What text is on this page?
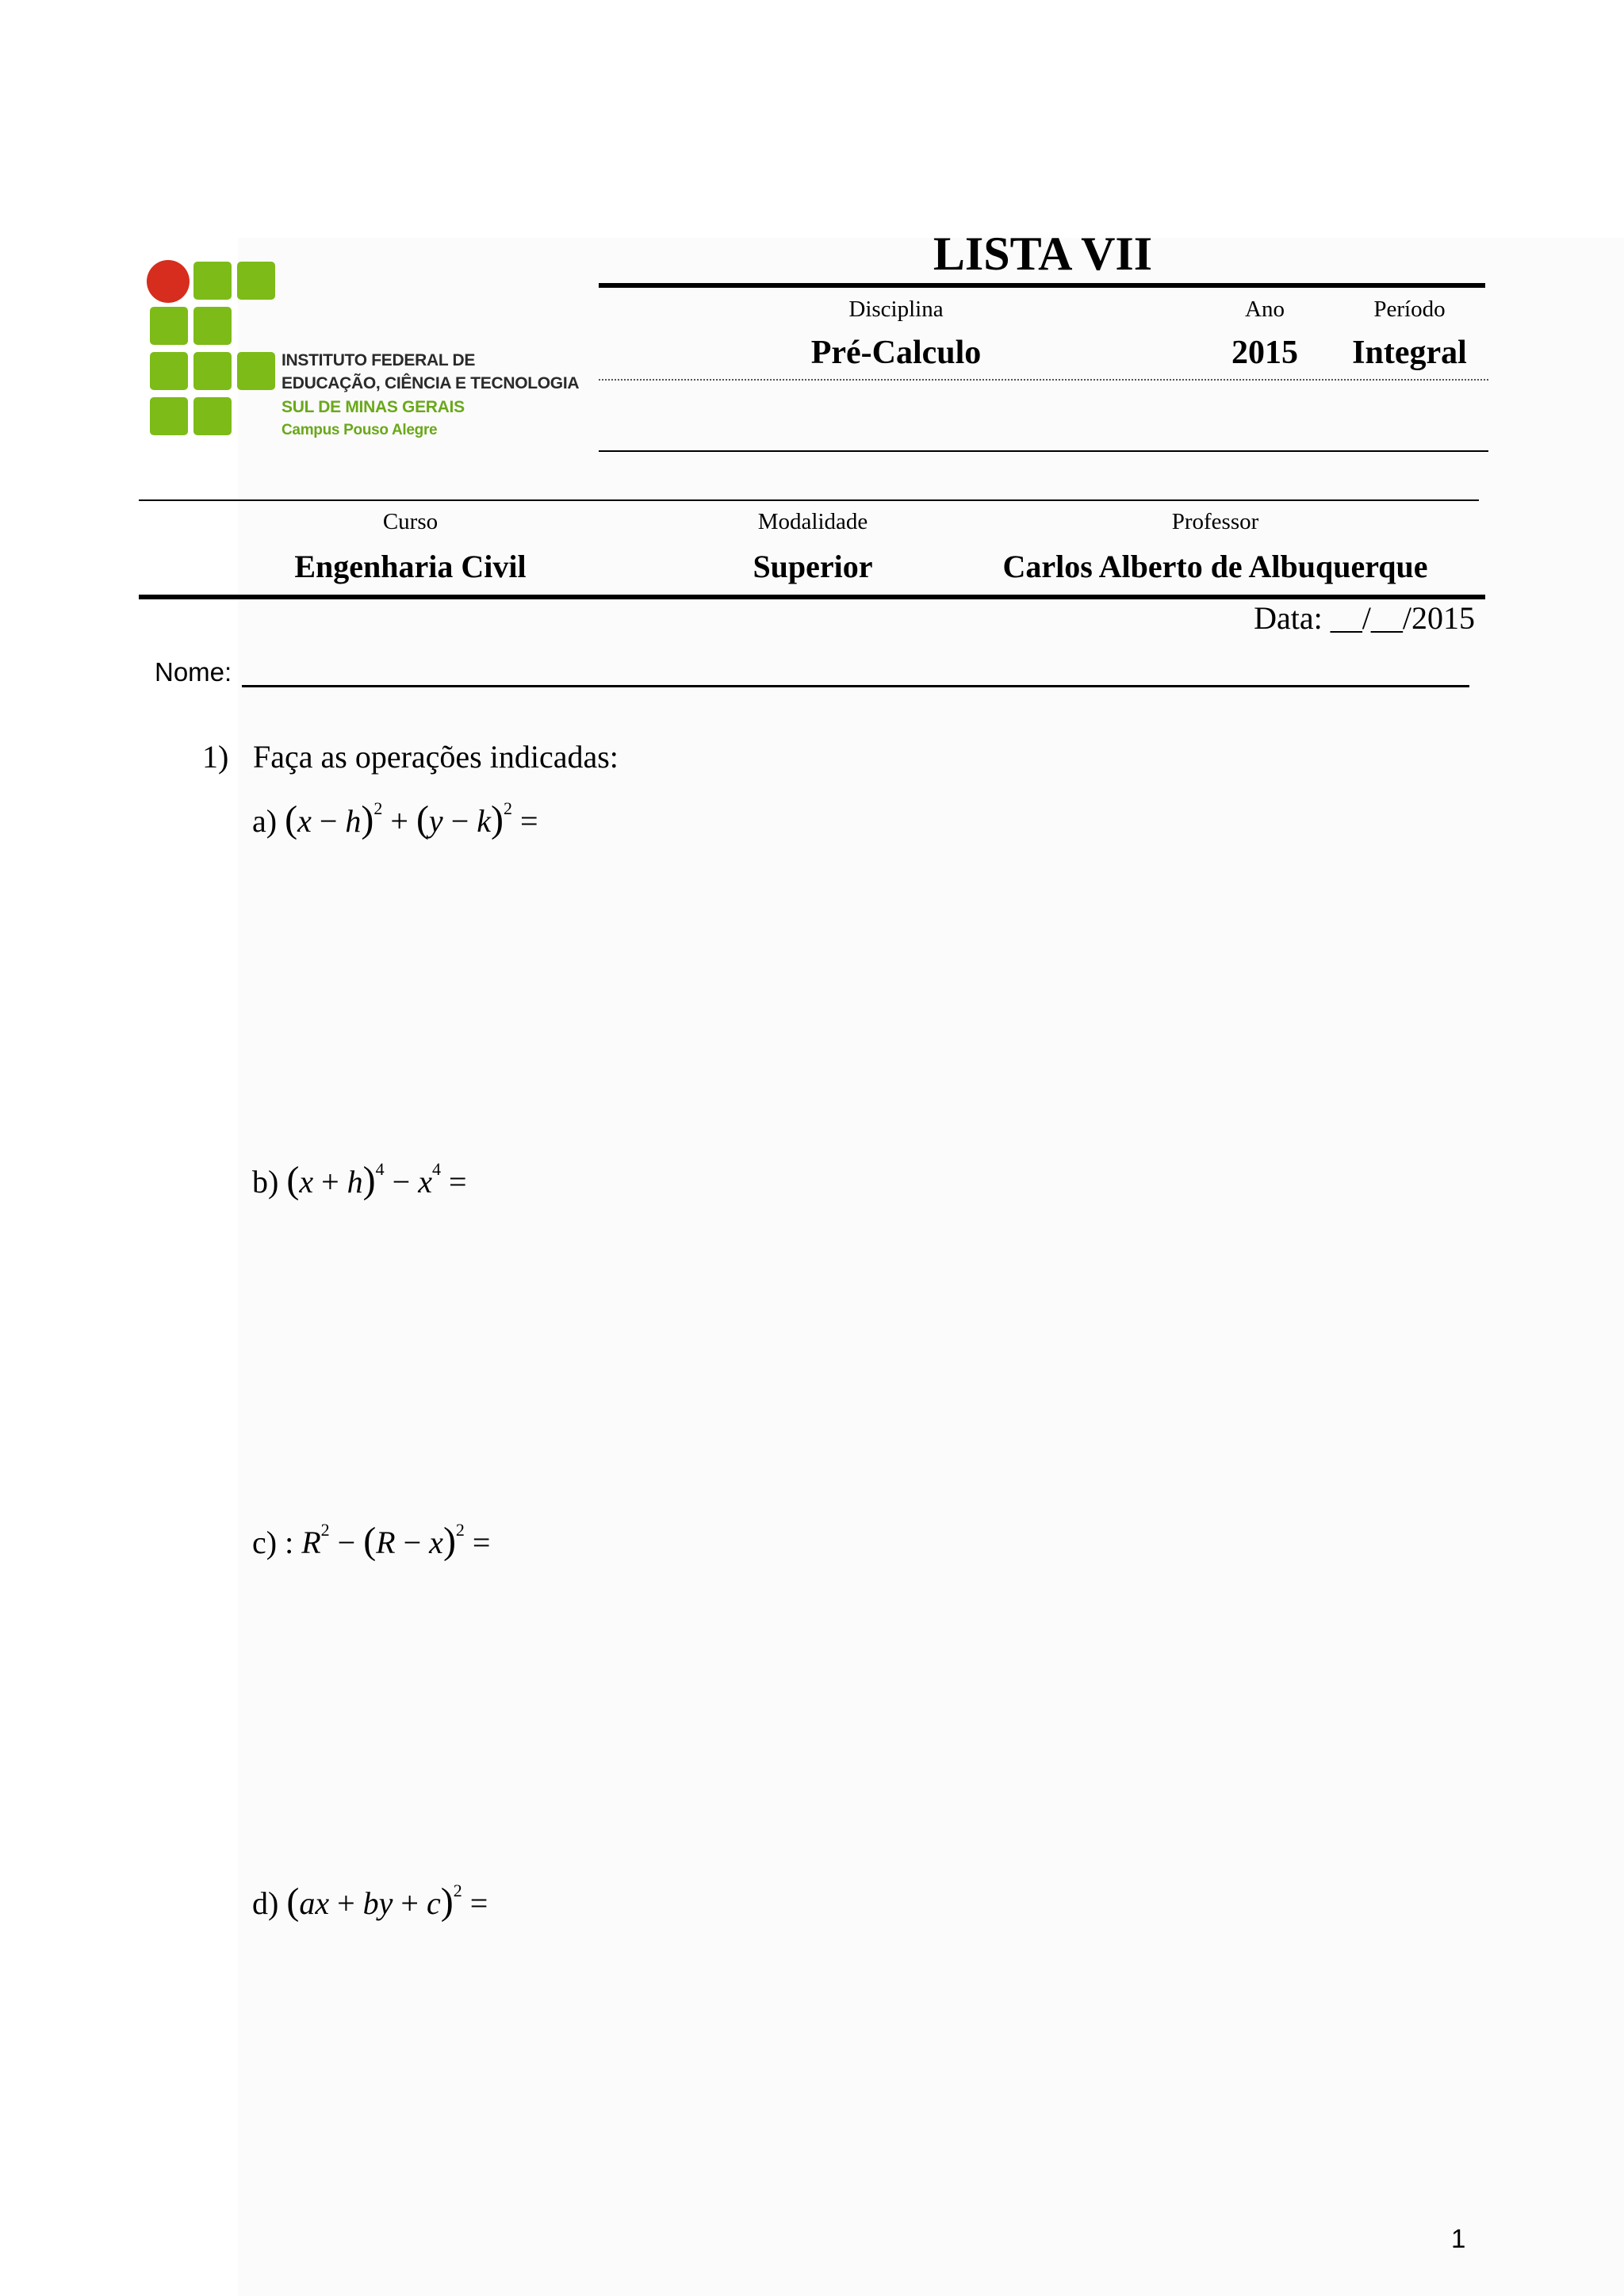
INSTITUTO FEDERAL DE
EDUCAÇÃO, CIÊNCIA E TECNOLOGIA
SUL DE MINAS GERAIS
Campus Pouso Alegre
LISTA VII
Disciplina	Ano	Período
Pré-Calculo	2015	Integral
Curso	Modalidade	Professor
Engenharia Civil	Superior	Carlos Alberto de Albuquerque
Data: __/__/2015
Nome:
1) Faça as operações indicadas:
a) $(x - h)^2 + (y - k)^2$ =
b) $(x + h)^4 - x^4$ =
c) : $R^2 - (R - x)^2$ =
d) (ax + by + c)$^2$ =
1
